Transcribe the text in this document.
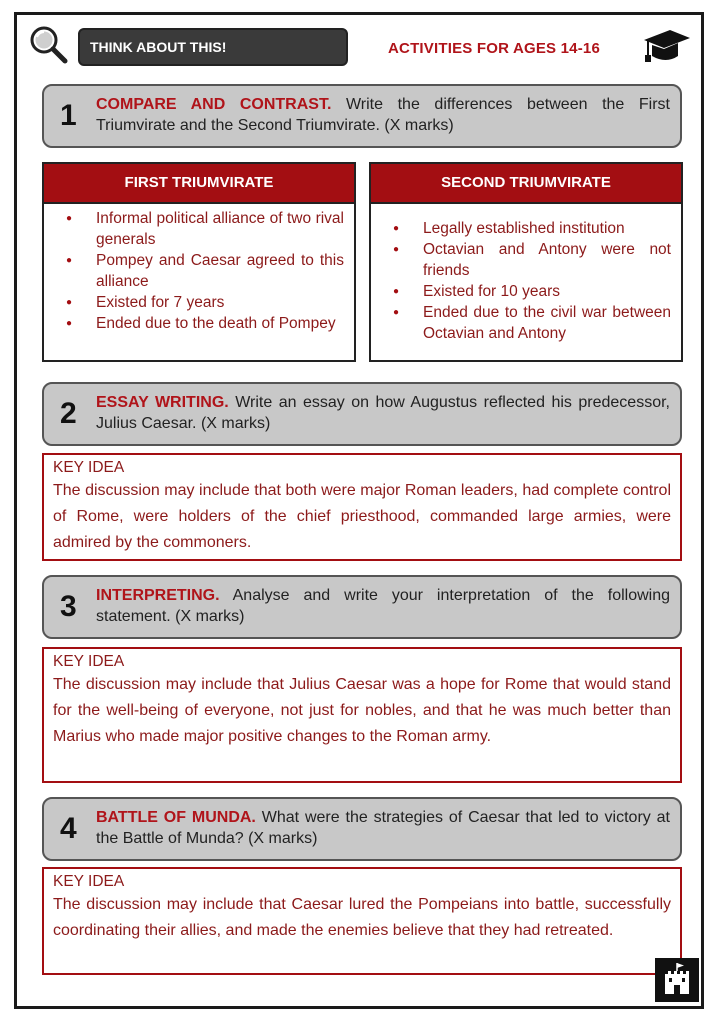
THINK ABOUT THIS!	ACTIVITIES FOR AGES 14-16
1 COMPARE AND CONTRAST. Write the differences between the First Triumvirate and the Second Triumvirate. (X marks)
FIRST TRIUMVIRATE
● Informal political alliance of two rival generals
● Pompey and Caesar agreed to this alliance
● Existed for 7 years
● Ended due to the death of Pompey
SECOND TRIUMVIRATE
● Legally established institution
● Octavian and Antony were not friends
● Existed for 10 years
● Ended due to the civil war between Octavian and Antony
2 ESSAY WRITING. Write an essay on how Augustus reflected his predecessor, Julius Caesar. (X marks)
KEY IDEA
The discussion may include that both were major Roman leaders, had complete control of Rome, were holders of the chief priesthood, commanded large armies, were admired by the commoners.
3 INTERPRETING. Analyse and write your interpretation of the following statement. (X marks)
KEY IDEA
The discussion may include that Julius Caesar was a hope for Rome that would stand for the well-being of everyone, not just for nobles, and that he was much better than Marius who made major positive changes to the Roman army.
4 BATTLE OF MUNDA. What were the strategies of Caesar that led to victory at the Battle of Munda? (X marks)
KEY IDEA
The discussion may include that Caesar lured the Pompeians into battle, successfully coordinating their allies, and made the enemies believe that they had retreated.
